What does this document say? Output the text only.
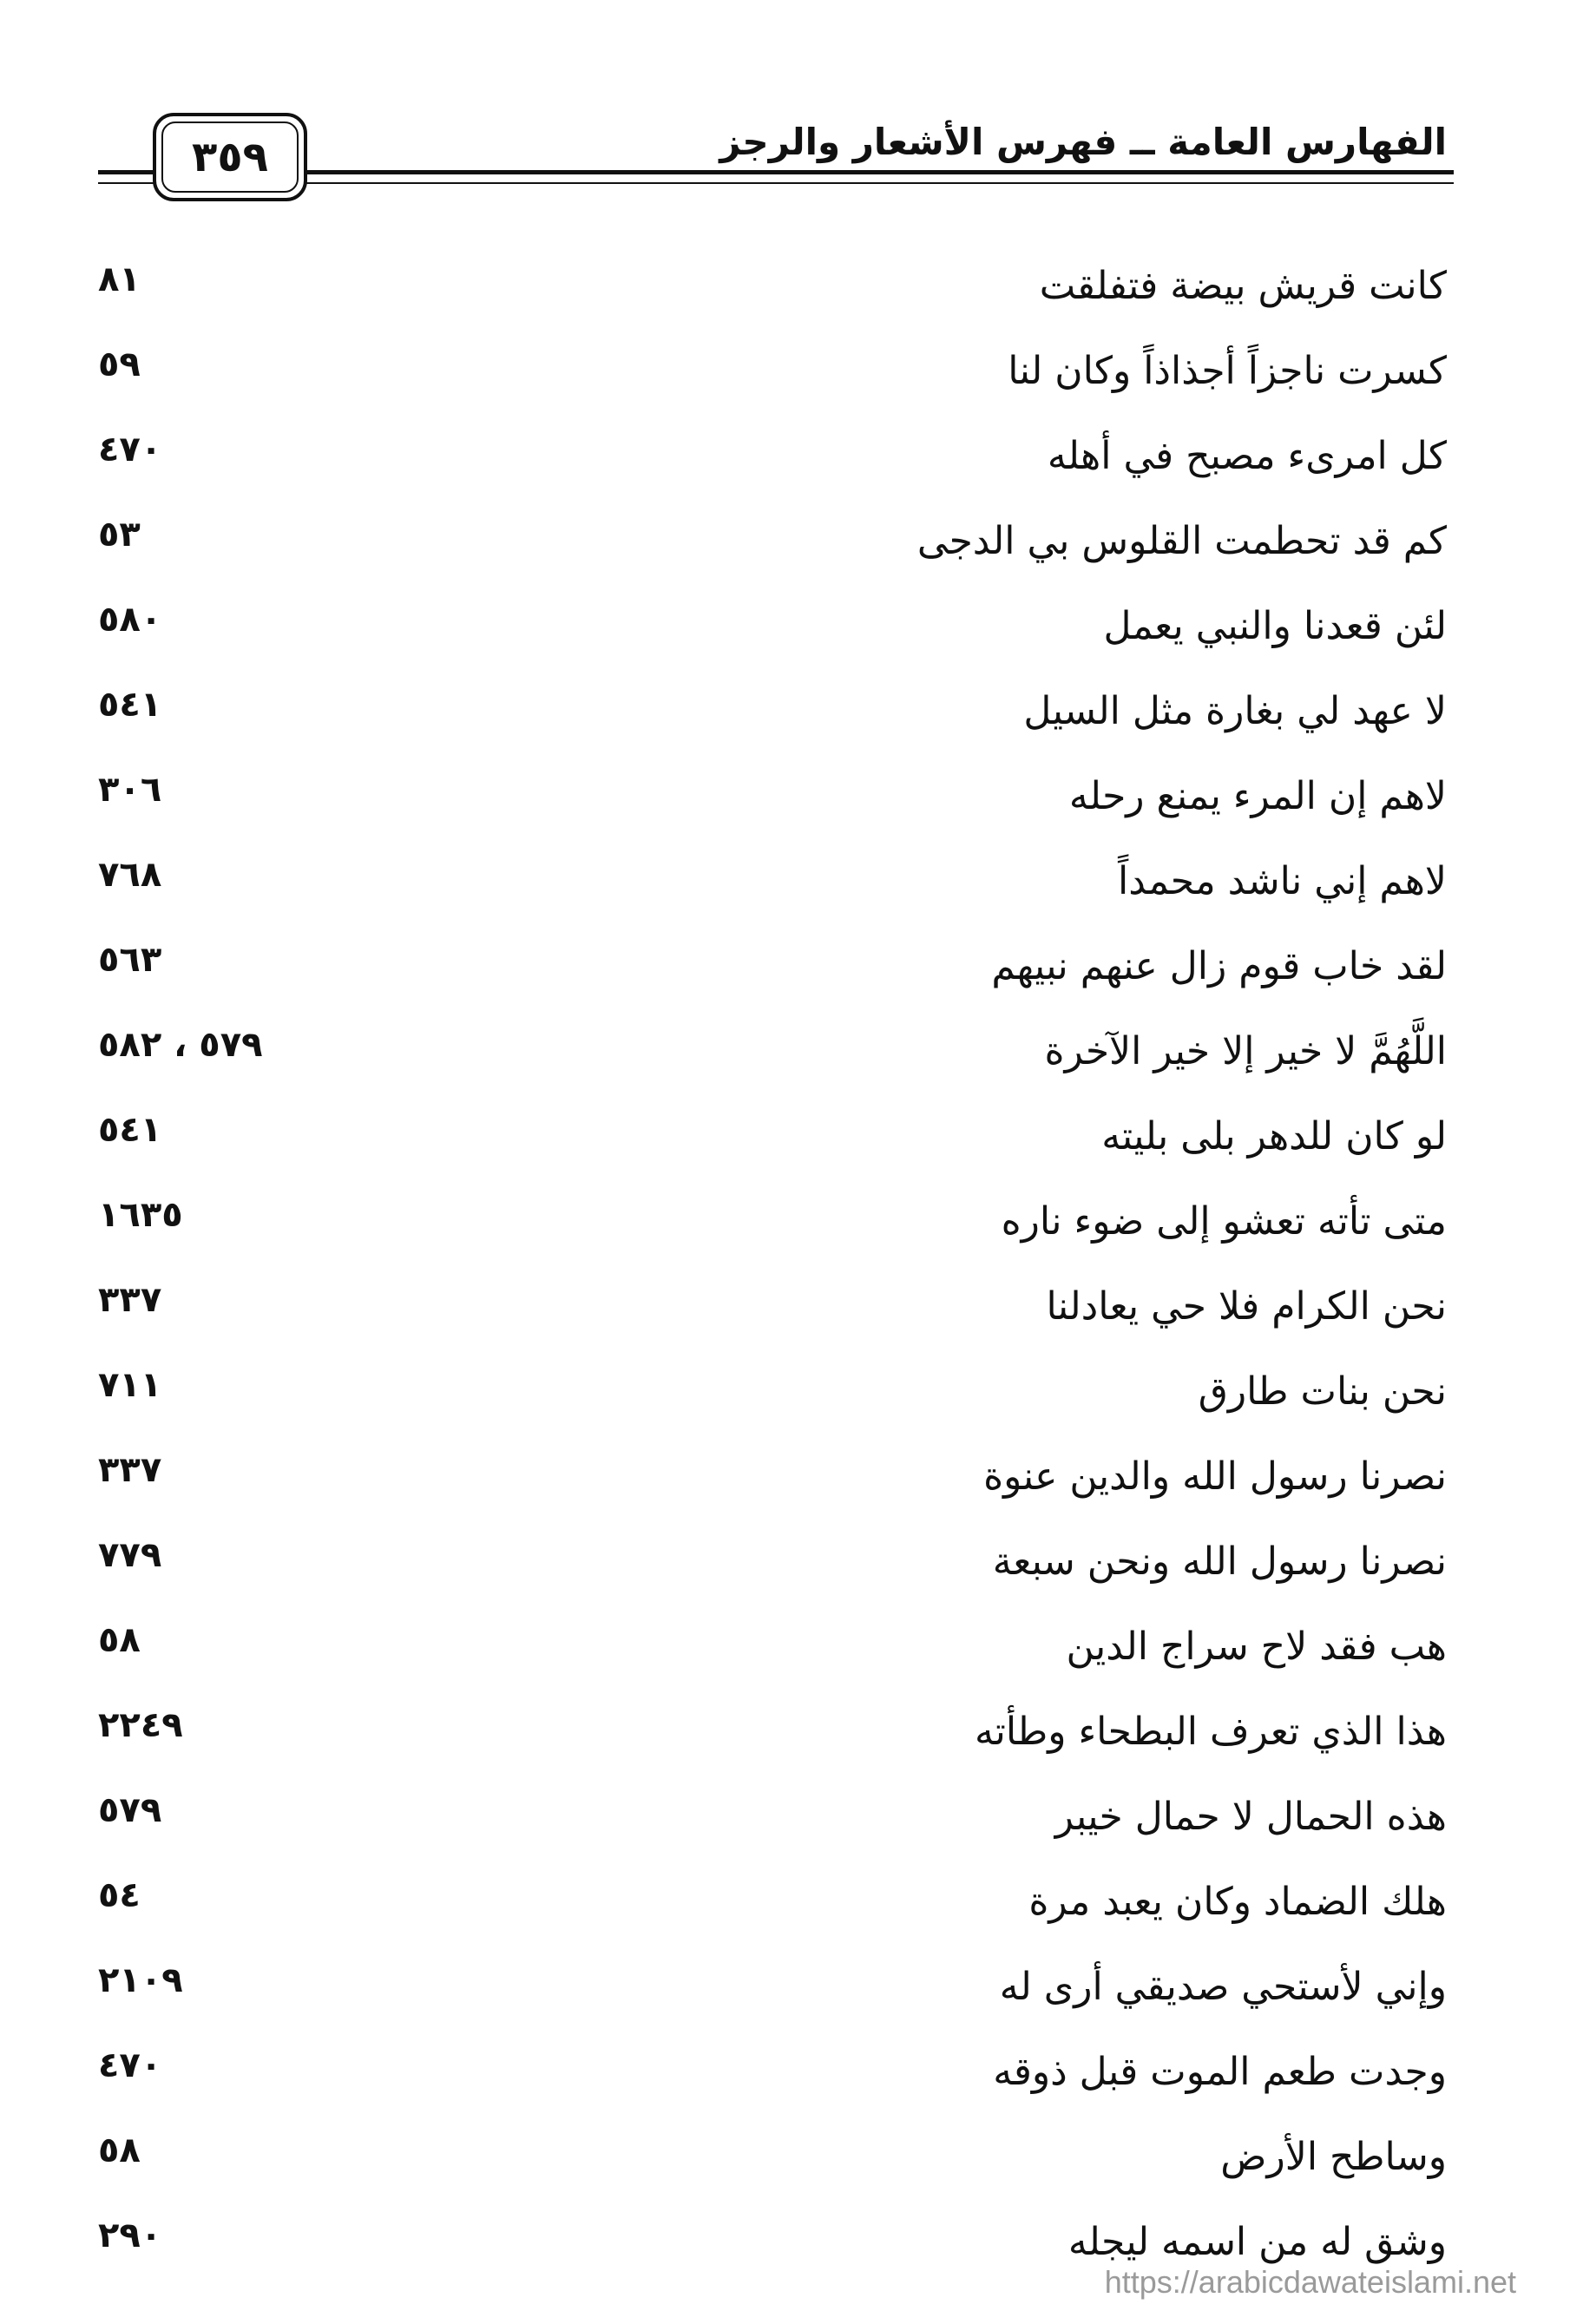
الفهارس العامة ــ فهرس الأشعار والرجز
٣٥٩
كانت قريش بيضة فتفلقت
٨١
كسرت ناجزاً أجذاذاً وكان لنا
٥٩
كل امرىء مصبح في أهله
٤٧٠
كم قد تحطمت القلوس بي الدجى
٥٣
لئن قعدنا والنبي يعمل
٥٨٠
لا عهد لي بغارة مثل السيل
٥٤١
لاهم إن المرء يمنع رحله
٣٠٦
لاهم إني ناشد محمداً
٧٦٨
لقد خاب قوم زال عنهم نبيهم
٥٦٣
اللَّهُمَّ لا خير إلا خير الآخرة
٥٧٩ ، ٥٨٢
لو كان للدهر بلى بليته
٥٤١
متى تأته تعشو إلى ضوء ناره
١٦٣٥
نحن الكرام فلا حي يعادلنا
٣٣٧
نحن بنات طارق
٧١١
نصرنا رسول الله والدين عنوة
٣٣٧
نصرنا رسول الله ونحن سبعة
٧٧٩
هب فقد لاح سراج الدين
٥٨
هذا الذي تعرف البطحاء وطأته
٢٢٤٩
هذه الحمال لا حمال خيبر
٥٧٩
هلك الضماد وكان يعبد مرة
٥٤
وإني لأستحي صديقي أرى له
٢١٠٩
وجدت طعم الموت قبل ذوقه
٤٧٠
وساطح الأرض
٥٨
وشق له من اسمه ليجله
٢٩٠
https://arabicdawateislami.net
